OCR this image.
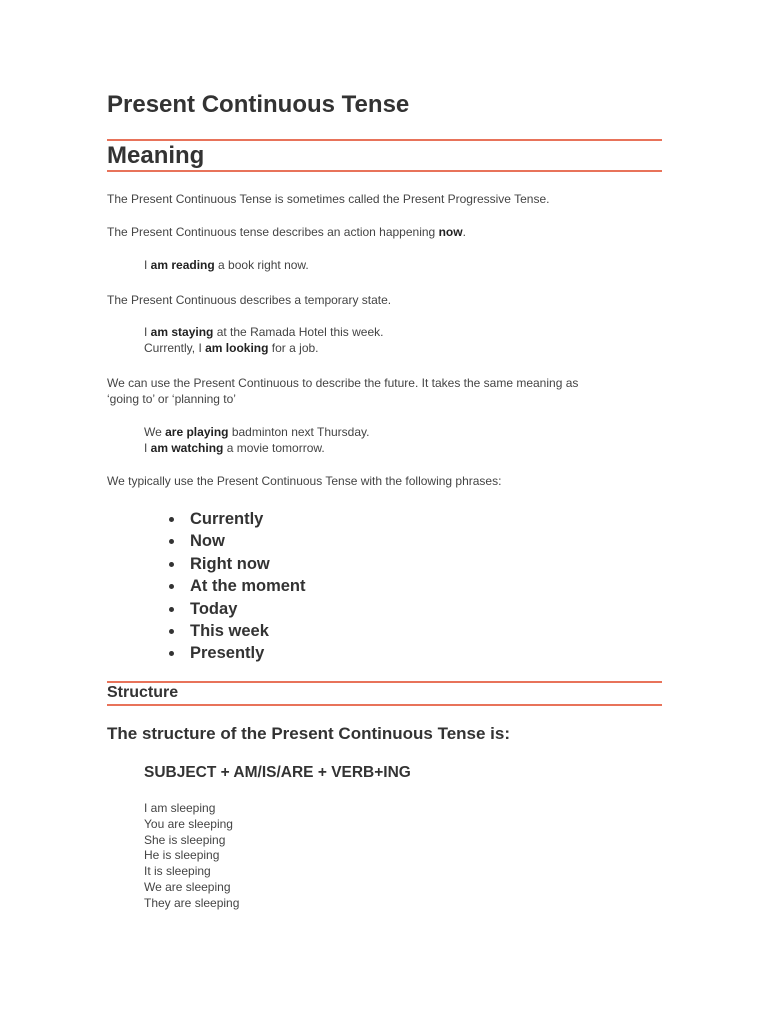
Present Continuous Tense
Meaning
The Present Continuous Tense is sometimes called the Present Progressive Tense.
The Present Continuous tense describes an action happening now.
I am reading a book right now.
The Present Continuous describes a temporary state.
I am staying at the Ramada Hotel this week.
Currently, I am looking for a job.
We can use the Present Continuous to describe the future. It takes the same meaning as
‘going to’ or ‘planning to’
We are playing badminton next Thursday.
I am watching a movie tomorrow.
We typically use the Present Continuous Tense with the following phrases:
Currently
Now
Right now
At the moment
Today
This week
Presently
Structure
The structure of the Present Continuous Tense is:
SUBJECT + AM/IS/ARE + VERB+ING
I am sleeping
You are sleeping
She is sleeping
He is sleeping
It is sleeping
We are sleeping
They are sleeping
